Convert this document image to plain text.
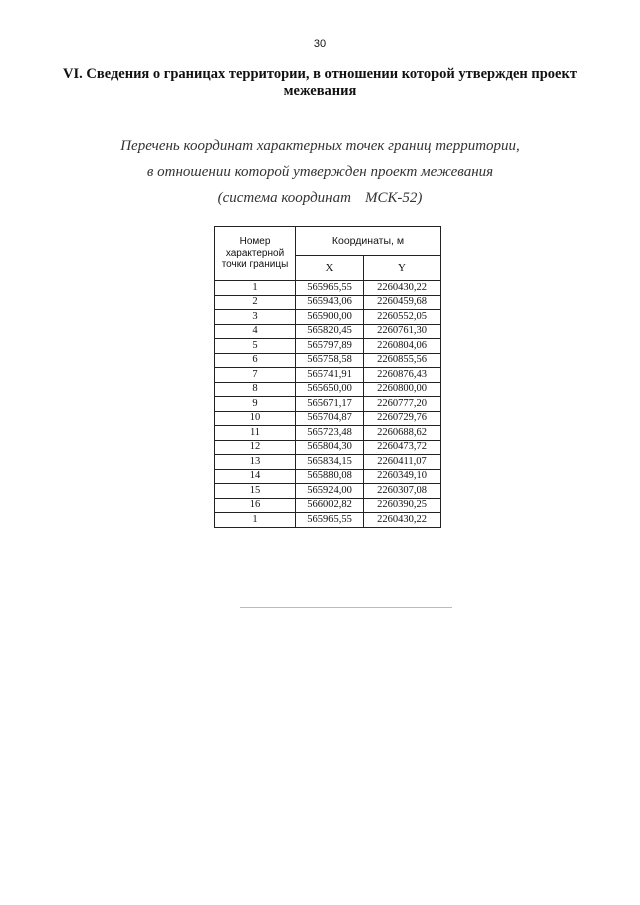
30
VI. Сведения о границах территории, в отношении которой утвержден проект межевания
Перечень координат характерных точек границ территории,
в отношении которой утвержден проект межевания
(система координат МСК-52)
Номер характерной точки границы	Координаты, м	
	X	Y
1	565965,55	2260430,22
2	565943,06	2260459,68
3	565900,00	2260552,05
4	565820,45	2260761,30
5	565797,89	2260804,06
6	565758,58	2260855,56
7	565741,91	2260876,43
8	565650,00	2260800,00
9	565671,17	2260777,20
10	565704,87	2260729,76
11	565723,48	2260688,62
12	565804,30	2260473,72
13	565834,15	2260411,07
14	565880,08	2260349,10
15	565924,00	2260307,08
16	566002,82	2260390,25
1	565965,55	2260430,22
